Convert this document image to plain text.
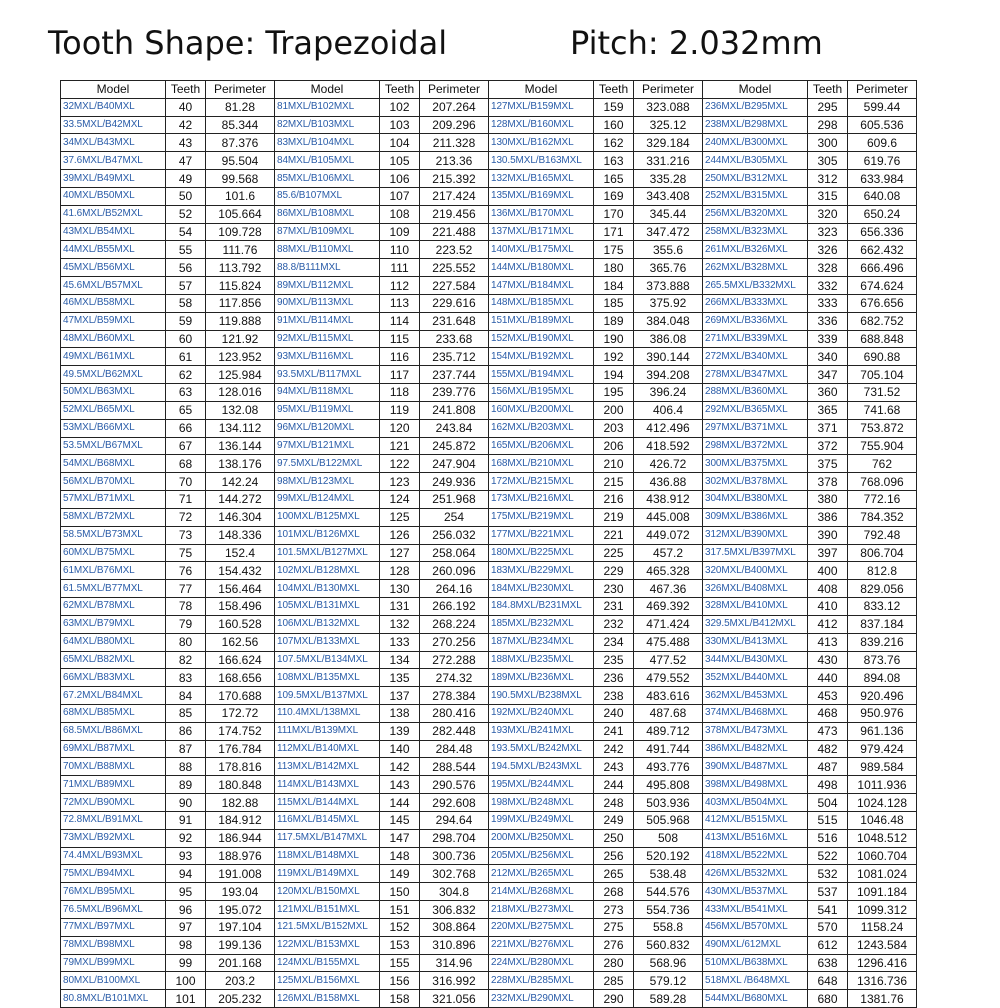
Tooth Shape: Trapezoidal	Pitch: 2.032mm
Model	Teeth	Perimeter	Model	Teeth	Perimeter	Model	Teeth	Perimeter	Model	Teeth	Perimeter
32MXL/B40MXL	40	81.28	81MXL/B102MXL	102	207.264	127MXL/B159MXL	159	323.088	236MXL/B295MXL	295	599.44
33.5MXL/B42MXL	42	85.344	82MXL/B103MXL	103	209.296	128MXL/B160MXL	160	325.12	238MXL/B298MXL	298	605.536
34MXL/B43MXL	43	87.376	83MXL/B104MXL	104	211.328	130MXL/B162MXL	162	329.184	240MXL/B300MXL	300	609.6
37.6MXL/B47MXL	47	95.504	84MXL/B105MXL	105	213.36	130.5MXL/B163MXL	163	331.216	244MXL/B305MXL	305	619.76
39MXL/B49MXL	49	99.568	85MXL/B106MXL	106	215.392	132MXL/B165MXL	165	335.28	250MXL/B312MXL	312	633.984
40MXL/B50MXL	50	101.6	85.6/B107MXL	107	217.424	135MXL/B169MXL	169	343.408	252MXL/B315MXL	315	640.08
41.6MXL/B52MXL	52	105.664	86MXL/B108MXL	108	219.456	136MXL/B170MXL	170	345.44	256MXL/B320MXL	320	650.24
43MXL/B54MXL	54	109.728	87MXL/B109MXL	109	221.488	137MXL/B171MXL	171	347.472	258MXL/B323MXL	323	656.336
44MXL/B55MXL	55	111.76	88MXL/B110MXL	110	223.52	140MXL/B175MXL	175	355.6	261MXL/B326MXL	326	662.432
45MXL/B56MXL	56	113.792	88.8/B111MXL	111	225.552	144MXL/B180MXL	180	365.76	262MXL/B328MXL	328	666.496
45.6MXL/B57MXL	57	115.824	89MXL/B112MXL	112	227.584	147MXL/B184MXL	184	373.888	265.5MXL/B332MXL	332	674.624
46MXL/B58MXL	58	117.856	90MXL/B113MXL	113	229.616	148MXL/B185MXL	185	375.92	266MXL/B333MXL	333	676.656
47MXL/B59MXL	59	119.888	91MXL/B114MXL	114	231.648	151MXL/B189MXL	189	384.048	269MXL/B336MXL	336	682.752
48MXL/B60MXL	60	121.92	92MXL/B115MXL	115	233.68	152MXL/B190MXL	190	386.08	271MXL/B339MXL	339	688.848
49MXL/B61MXL	61	123.952	93MXL/B116MXL	116	235.712	154MXL/B192MXL	192	390.144	272MXL/B340MXL	340	690.88
49.5MXL/B62MXL	62	125.984	93.5MXL/B117MXL	117	237.744	155MXL/B194MXL	194	394.208	278MXL/B347MXL	347	705.104
50MXL/B63MXL	63	128.016	94MXL/B118MXL	118	239.776	156MXL/B195MXL	195	396.24	288MXL/B360MXL	360	731.52
52MXL/B65MXL	65	132.08	95MXL/B119MXL	119	241.808	160MXL/B200MXL	200	406.4	292MXL/B365MXL	365	741.68
53MXL/B66MXL	66	134.112	96MXL/B120MXL	120	243.84	162MXL/B203MXL	203	412.496	297MXL/B371MXL	371	753.872
53.5MXL/B67MXL	67	136.144	97MXL/B121MXL	121	245.872	165MXL/B206MXL	206	418.592	298MXL/B372MXL	372	755.904
54MXL/B68MXL	68	138.176	97.5MXL/B122MXL	122	247.904	168MXL/B210MXL	210	426.72	300MXL/B375MXL	375	762
56MXL/B70MXL	70	142.24	98MXL/B123MXL	123	249.936	172MXL/B215MXL	215	436.88	302MXL/B378MXL	378	768.096
57MXL/B71MXL	71	144.272	99MXL/B124MXL	124	251.968	173MXL/B216MXL	216	438.912	304MXL/B380MXL	380	772.16
58MXL/B72MXL	72	146.304	100MXL/B125MXL	125	254	175MXL/B219MXL	219	445.008	309MXL/B386MXL	386	784.352
58.5MXL/B73MXL	73	148.336	101MXL/B126MXL	126	256.032	177MXL/B221MXL	221	449.072	312MXL/B390MXL	390	792.48
60MXL/B75MXL	75	152.4	101.5MXL/B127MXL	127	258.064	180MXL/B225MXL	225	457.2	317.5MXL/B397MXL	397	806.704
61MXL/B76MXL	76	154.432	102MXL/B128MXL	128	260.096	183MXL/B229MXL	229	465.328	320MXL/B400MXL	400	812.8
61.5MXL/B77MXL	77	156.464	104MXL/B130MXL	130	264.16	184MXL/B230MXL	230	467.36	326MXL/B408MXL	408	829.056
62MXL/B78MXL	78	158.496	105MXL/B131MXL	131	266.192	184.8MXL/B231MXL	231	469.392	328MXL/B410MXL	410	833.12
63MXL/B79MXL	79	160.528	106MXL/B132MXL	132	268.224	185MXL/B232MXL	232	471.424	329.5MXL/B412MXL	412	837.184
64MXL/B80MXL	80	162.56	107MXL/B133MXL	133	270.256	187MXL/B234MXL	234	475.488	330MXL/B413MXL	413	839.216
65MXL/B82MXL	82	166.624	107.5MXL/B134MXL	134	272.288	188MXL/B235MXL	235	477.52	344MXL/B430MXL	430	873.76
66MXL/B83MXL	83	168.656	108MXL/B135MXL	135	274.32	189MXL/B236MXL	236	479.552	352MXL/B440MXL	440	894.08
67.2MXL/B84MXL	84	170.688	109.5MXL/B137MXL	137	278.384	190.5MXL/B238MXL	238	483.616	362MXL/B453MXL	453	920.496
68MXL/B85MXL	85	172.72	110.4MXL/138MXL	138	280.416	192MXL/B240MXL	240	487.68	374MXL/B468MXL	468	950.976
68.5MXL/B86MXL	86	174.752	111MXL/B139MXL	139	282.448	193MXL/B241MXL	241	489.712	378MXL/B473MXL	473	961.136
69MXL/B87MXL	87	176.784	112MXL/B140MXL	140	284.48	193.5MXL/B242MXL	242	491.744	386MXL/B482MXL	482	979.424
70MXL/B88MXL	88	178.816	113MXL/B142MXL	142	288.544	194.5MXL/B243MXL	243	493.776	390MXL/B487MXL	487	989.584
71MXL/B89MXL	89	180.848	114MXL/B143MXL	143	290.576	195MXL/B244MXL	244	495.808	398MXL/B498MXL	498	1011.936
72MXL/B90MXL	90	182.88	115MXL/B144MXL	144	292.608	198MXL/B248MXL	248	503.936	403MXL/B504MXL	504	1024.128
72.8MXL/B91MXL	91	184.912	116MXL/B145MXL	145	294.64	199MXL/B249MXL	249	505.968	412MXL/B515MXL	515	1046.48
73MXL/B92MXL	92	186.944	117.5MXL/B147MXL	147	298.704	200MXL/B250MXL	250	508	413MXL/B516MXL	516	1048.512
74.4MXL/B93MXL	93	188.976	118MXL/B148MXL	148	300.736	205MXL/B256MXL	256	520.192	418MXL/B522MXL	522	1060.704
75MXL/B94MXL	94	191.008	119MXL/B149MXL	149	302.768	212MXL/B265MXL	265	538.48	426MXL/B532MXL	532	1081.024
76MXL/B95MXL	95	193.04	120MXL/B150MXL	150	304.8	214MXL/B268MXL	268	544.576	430MXL/B537MXL	537	1091.184
76.5MXL/B96MXL	96	195.072	121MXL/B151MXL	151	306.832	218MXL/B273MXL	273	554.736	433MXL/B541MXL	541	1099.312
77MXL/B97MXL	97	197.104	121.5MXL/B152MXL	152	308.864	220MXL/B275MXL	275	558.8	456MXL/B570MXL	570	1158.24
78MXL/B98MXL	98	199.136	122MXL/B153MXL	153	310.896	221MXL/B276MXL	276	560.832	490MXL/612MXL	612	1243.584
79MXL/B99MXL	99	201.168	124MXL/B155MXL	155	314.96	224MXL/B280MXL	280	568.96	510MXL/B638MXL	638	1296.416
80MXL/B100MXL	100	203.2	125MXL/B156MXL	156	316.992	228MXL/B285MXL	285	579.12	518MXL /B648MXL	648	1316.736
80.8MXL/B101MXL	101	205.232	126MXL/B158MXL	158	321.056	232MXL/B290MXL	290	589.28	544MXL/B680MXL	680	1381.76
